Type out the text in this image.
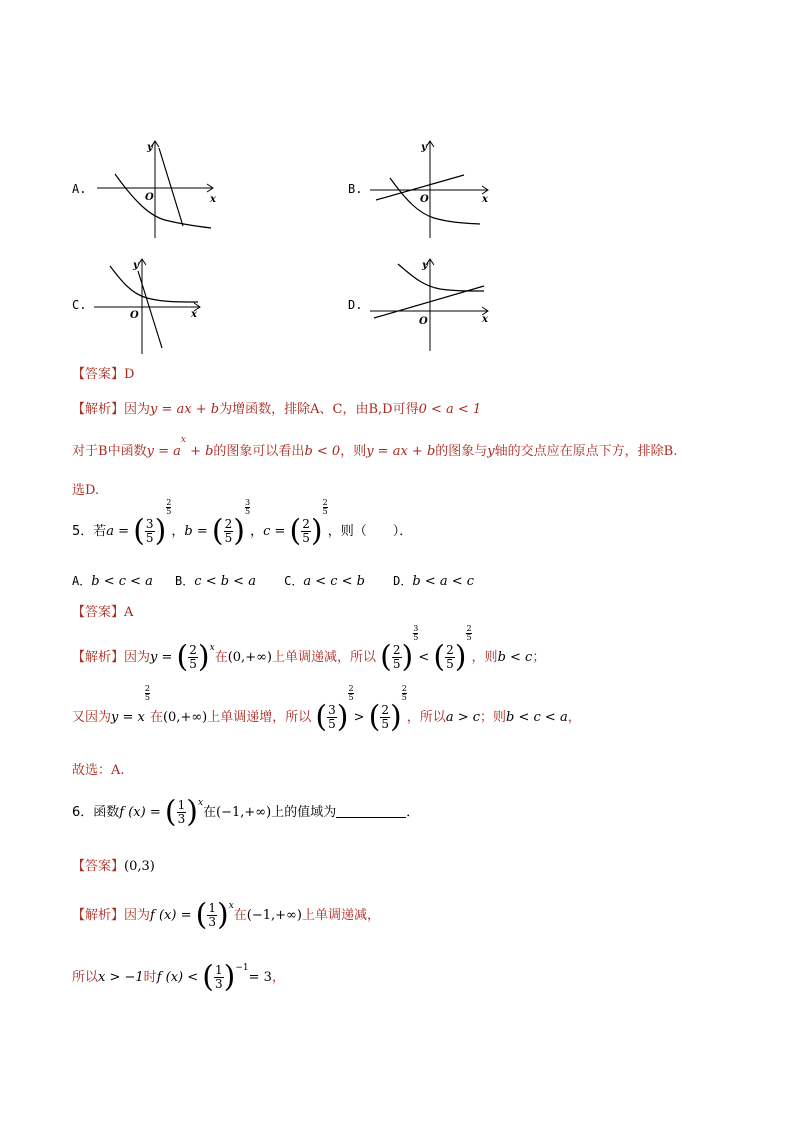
A.
x
y
O
B.
x
y
O
C.
x
y
O
D.
x
y
O
【答案】D
【解析】因为y = ax + b为增函数，排除A、C，由B,D可得0 < a < 1
对于B中函数$y = a^x + b$的图象可以看出b < 0，则y = ax + b的图象与y轴的交点应在原点下方，排除B.
选D.
5．若a = ( $\frac{3}{5}$ )
$\frac{2}{5}$
，b = ( $\frac{2}{5}$ )
$\frac{3}{5}$
，c = ( $\frac{2}{5}$ )
$\frac{2}{5}$
，则（　　）．
A．b < c < a B．c < b < a C．a < c < b D．b < a < c
【答案】A
【解析】因为y = ( $\frac{2}{5} )^x$在(0,+∞)上单调递减，所以 ( $\frac{2}{5}$ )
$\frac{3}{5}$
< ( $\frac{2}{5}$ )
$\frac{2}{5}$
，则b < c；
又因为y = x
$\frac{2}{5}$
在(0,+∞)上单调递增，所以 ( $\frac{3}{5}$ )
$\frac{2}{5}$
> ( $\frac{2}{5}$ )
$\frac{2}{5}$
，所以a > c；则b < c < a，
故选：A.
6．函数f (x) = ( $\frac{1}{3} )^x$在(−1,+∞)上的值域为	．
【答案】(0,3)
【解析】因为f (x) = ( $\frac{1}{3} )^x$在(−1,+∞)上单调递减，
所以x > −1时f (x) < ( $\frac{1}{3} )^{-1}= 3$，
